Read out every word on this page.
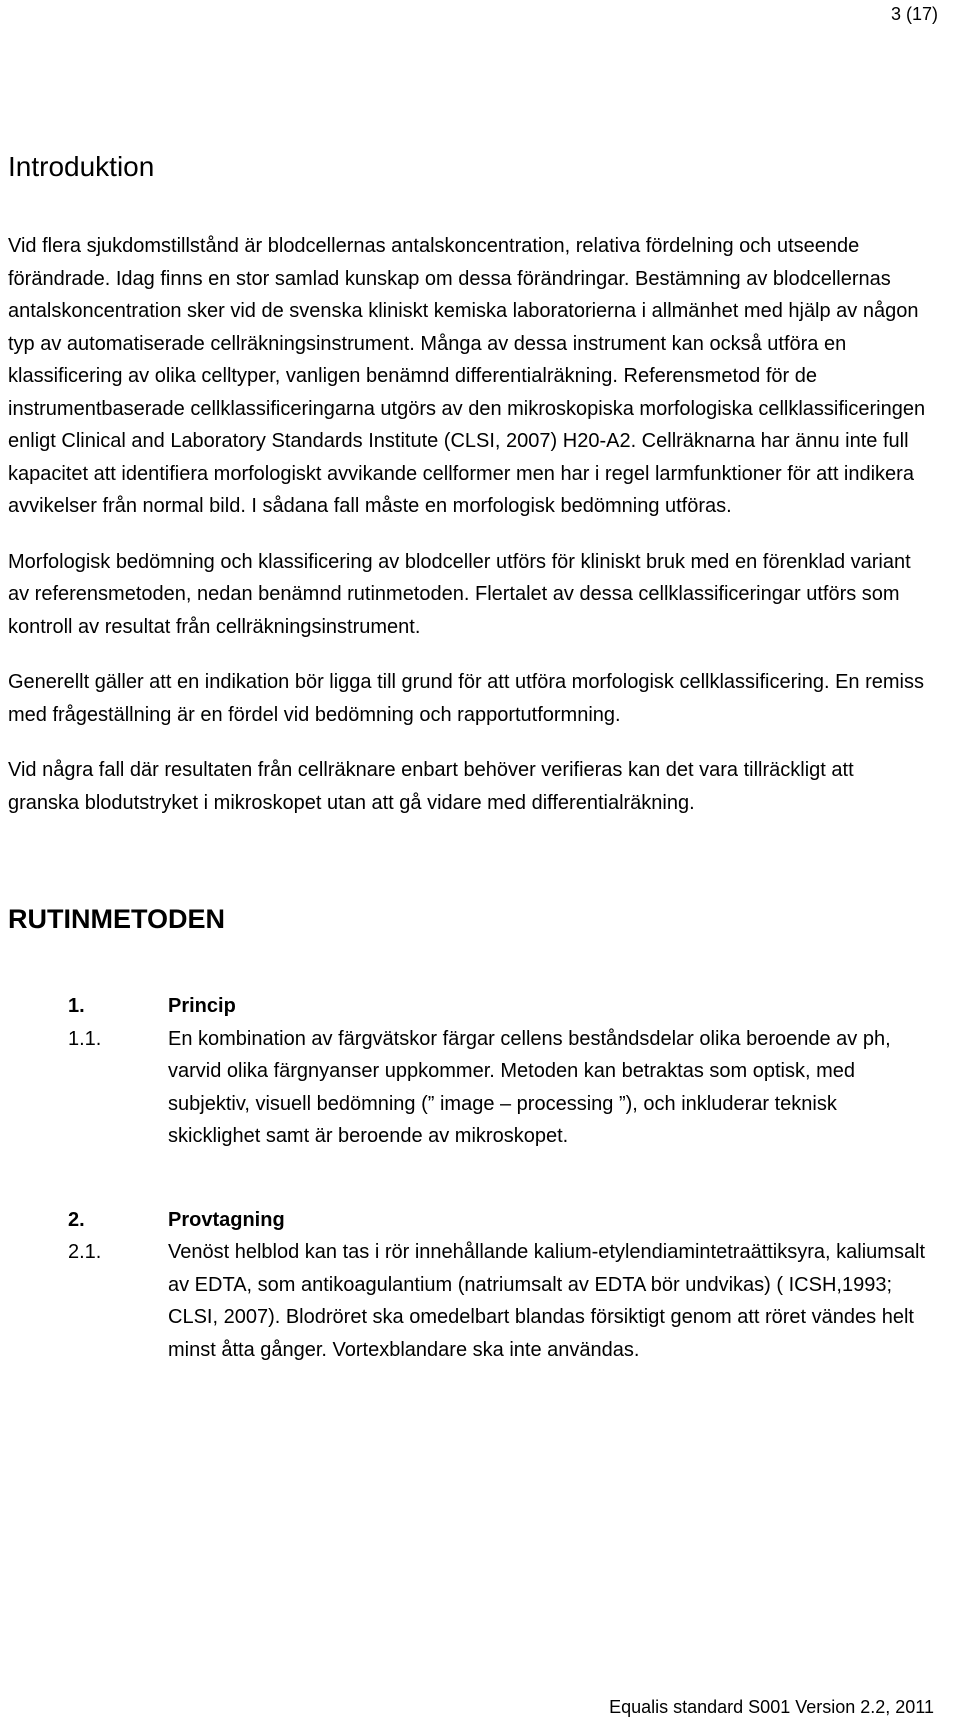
3 (17)
Introduktion

Vid flera sjukdomstillstånd är blodcellernas antalskoncentration, relativa fördelning och utseende förändrade. Idag finns en stor samlad kunskap om dessa förändringar. Bestämning av blodcellernas antalskoncentration sker vid de svenska kliniskt kemiska laboratorierna i allmänhet med hjälp av någon typ av automatiserade cellräkningsinstrument. Många av dessa instrument kan också utföra en klassificering av olika celltyper, vanligen benämnd differentialräkning. Referensmetod för de instrumentbaserade cellklassificeringarna utgörs av den mikroskopiska morfologiska cellklassificeringen enligt Clinical and Laboratory Standards Institute (CLSI, 2007) H20-A2. Cellräknarna har ännu inte full kapacitet att identifiera morfologiskt avvikande cellformer men har i regel larmfunktioner för att indikera avvikelser från normal bild. I sådana fall måste en morfologisk bedömning utföras.

Morfologisk bedömning och klassificering av blodceller utförs för kliniskt bruk med en förenklad variant av referensmetoden, nedan benämnd rutinmetoden. Flertalet av dessa cellklassificeringar utförs som kontroll av resultat från cellräkningsinstrument.

Generellt gäller att en indikation bör ligga till grund för att utföra morfologisk cellklassificering. En remiss med frågeställning är en fördel vid bedömning och rapportutformning.

Vid några fall där resultaten från cellräknare enbart behöver verifieras kan det vara tillräckligt att granska blodutstryket i mikroskopet utan att gå vidare med differentialräkning.

RUTINMETODEN
1.	Princip
1.1.	En kombination av färgvätskor färgar cellens beståndsdelar olika beroende av ph, varvid olika färgnyanser uppkommer. Metoden kan betraktas som optisk, med subjektiv, visuell bedömning (” image – processing ”), och inkluderar teknisk skicklighet samt är beroende av mikroskopet.
2.	Provtagning
2.1.	Venöst helblod kan tas i rör innehållande kalium-etylendiamintetraättiksyra, kaliumsalt av EDTA, som antikoagulantium (natriumsalt av EDTA bör undvikas) ( ICSH,1993; CLSI, 2007). Blodröret ska omedelbart blandas försiktigt genom att röret vändes helt minst åtta gånger. Vortexblandare ska inte användas.
Equalis standard S001 Version 2.2, 2011
